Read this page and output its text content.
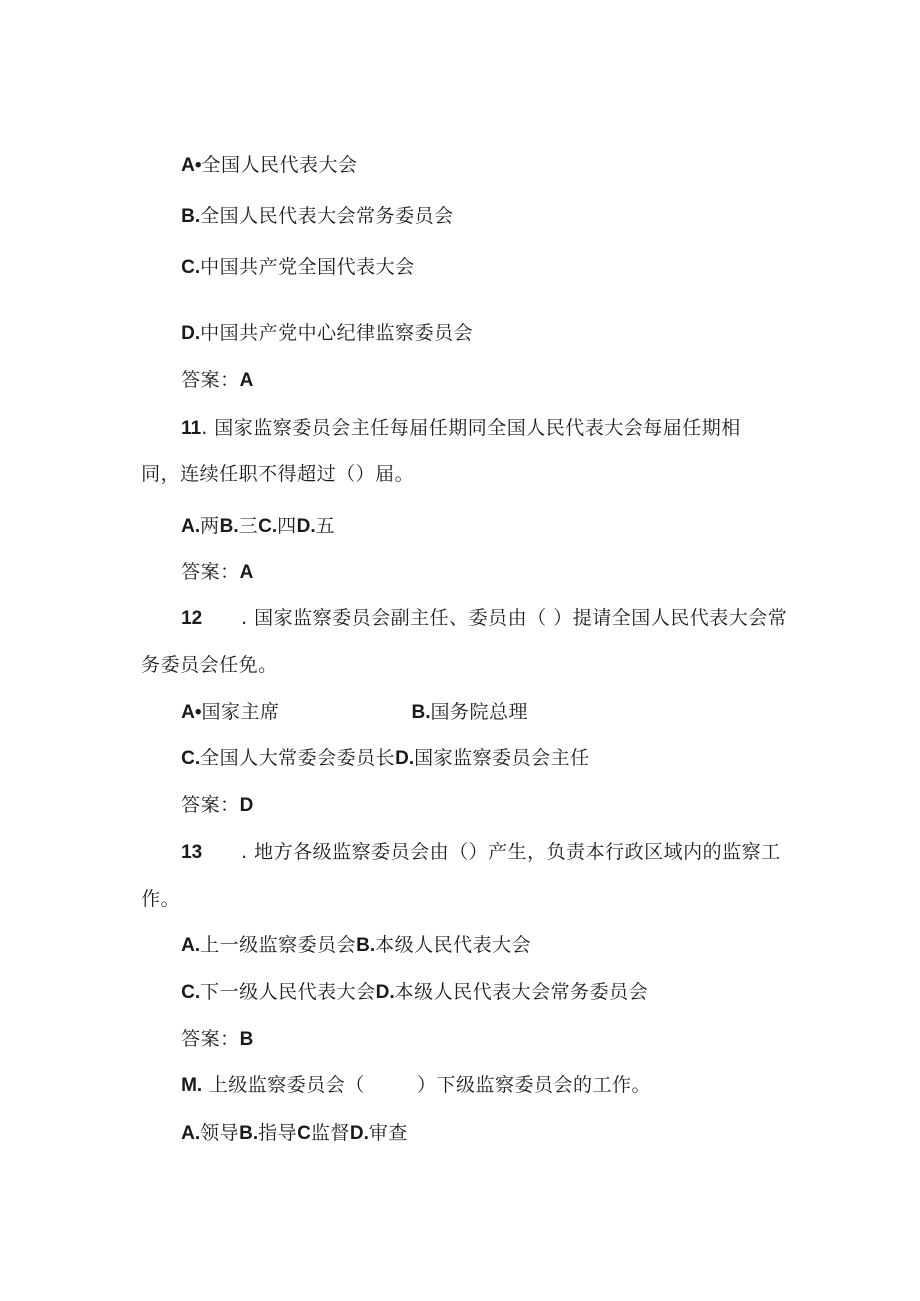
A•全国人民代表大会

B.全国人民代表大会常务委员会

C.中国共产党全国代表大会

D.中国共产党中心纪律监察委员会

答案：A

11. 国家监察委员会主任每届任期同全国人民代表大会每届任期相

同，连续任职不得超过（）届。

A.两B.三C.四D.五

答案：A

12 . 国家监察委员会副主任、委员由（ ）提请全国人民代表大会常

务委员会任免。

A•国家主席	B.国务院总理

C.全国人大常委会委员长D.国家监察委员会主任

答案：D

13 . 地方各级监察委员会由（）产生，负责本行政区域内的监察工

作。

A.上一级监察委员会B.本级人民代表大会

C.下一级人民代表大会D.本级人民代表大会常务委员会

答案：B

M. 上级监察委员会（        ）下级监察委员会的工作。

A.领导B.指导C监督D.审查
